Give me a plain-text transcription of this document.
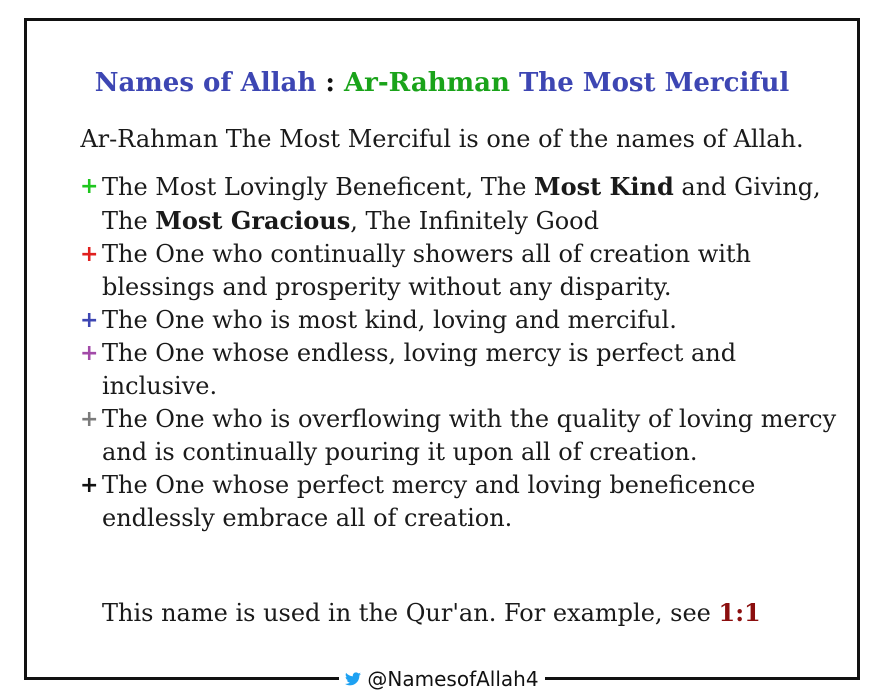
Names of Allah : Ar-Rahman The Most Merciful
Ar-Rahman The Most Merciful is one of the names of Allah.
+ The Most Lovingly Beneficent, The Most Kind and Giving, The Most Gracious, The Infinitely Good
+ The One who continually showers all of creation with blessings and prosperity without any disparity.
+ The One who is most kind, loving and merciful.
+ The One whose endless, loving mercy is perfect and inclusive.
+ The One who is overflowing with the quality of loving mercy and is continually pouring it upon all of creation.
+ The One whose perfect mercy and loving beneficence endlessly embrace all of creation.
This name is used in the Qur'an. For example, see 1:1
@NamesofAllah4
